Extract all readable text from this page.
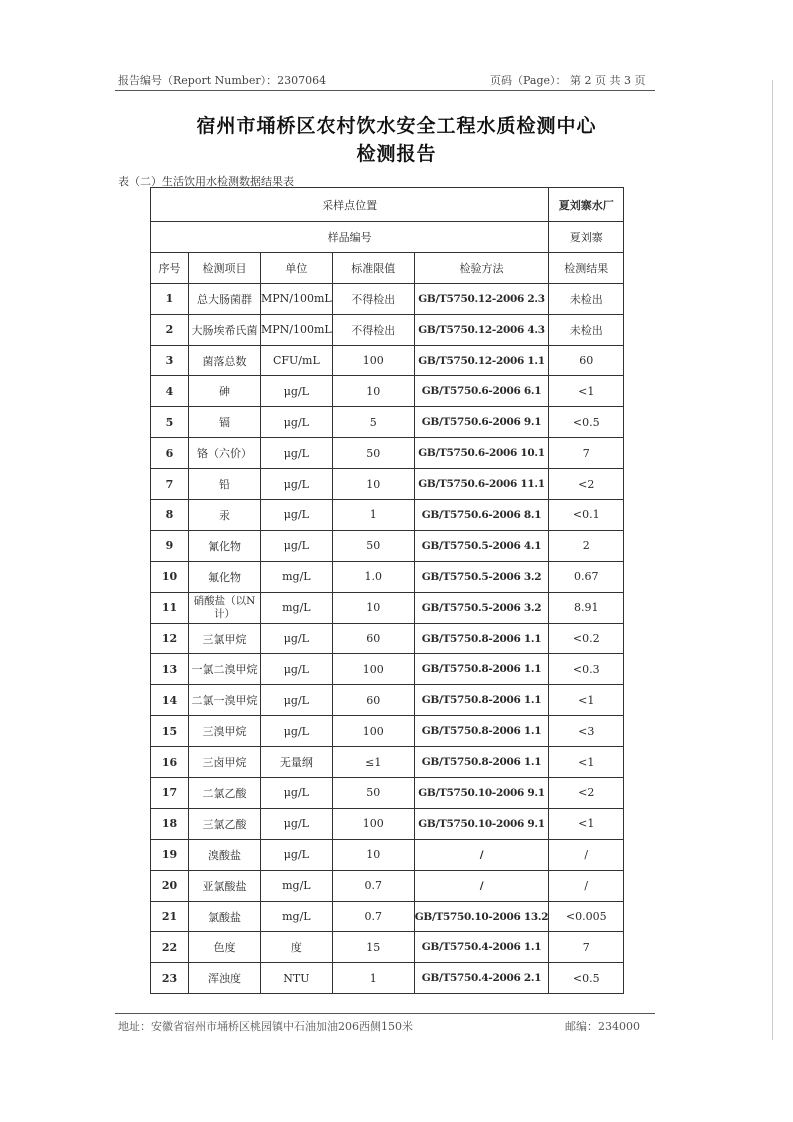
报告编号（Report Number）：2307064	页码（Page）： 第 2 页 共 3 页
宿州市埇桥区农村饮水安全工程水质检测中心
检测报告
表（二）生活饮用水检测数据结果表
采样点位置					夏刘寨水厂
样品编号					夏刘寨
序号	检测项目	单位	标准限值	检验方法	检测结果
1	总大肠菌群	MPN/100mL	不得检出	GB/T5750.12-2006 2.3	未检出
2	大肠埃希氏菌	MPN/100mL	不得检出	GB/T5750.12-2006 4.3	未检出
3	菌落总数	CFU/mL	100	GB/T5750.12-2006 1.1	60
4	砷	μg/L	10	GB/T5750.6-2006 6.1	<1
5	镉	μg/L	5	GB/T5750.6-2006 9.1	<0.5
6	铬（六价）	μg/L	50	GB/T5750.6-2006 10.1	7
7	铅	μg/L	10	GB/T5750.6-2006 11.1	<2
8	汞	μg/L	1	GB/T5750.6-2006 8.1	<0.1
9	氰化物	μg/L	50	GB/T5750.5-2006 4.1	2
10	氟化物	mg/L	1.0	GB/T5750.5-2006 3.2	0.67
11	硝酸盐（以N计）	mg/L	10	GB/T5750.5-2006 3.2	8.91
12	三氯甲烷	μg/L	60	GB/T5750.8-2006 1.1	<0.2
13	一氯二溴甲烷	μg/L	100	GB/T5750.8-2006 1.1	<0.3
14	二氯一溴甲烷	μg/L	60	GB/T5750.8-2006 1.1	<1
15	三溴甲烷	μg/L	100	GB/T5750.8-2006 1.1	<3
16	三卤甲烷	无量纲	≤1	GB/T5750.8-2006 1.1	<1
17	二氯乙酸	μg/L	50	GB/T5750.10-2006 9.1	<2
18	三氯乙酸	μg/L	100	GB/T5750.10-2006 9.1	<1
19	溴酸盐	μg/L	10	/	/
20	亚氯酸盐	mg/L	0.7	/	/
21	氯酸盐	mg/L	0.7	GB/T5750.10-2006 13.2	<0.005
22	色度	度	15	GB/T5750.4-2006 1.1	7
23	浑浊度	NTU	1	GB/T5750.4-2006 2.1	<0.5
地址：安徽省宿州市埇桥区桃园镇中石油加油206西侧150米	邮编：234000
